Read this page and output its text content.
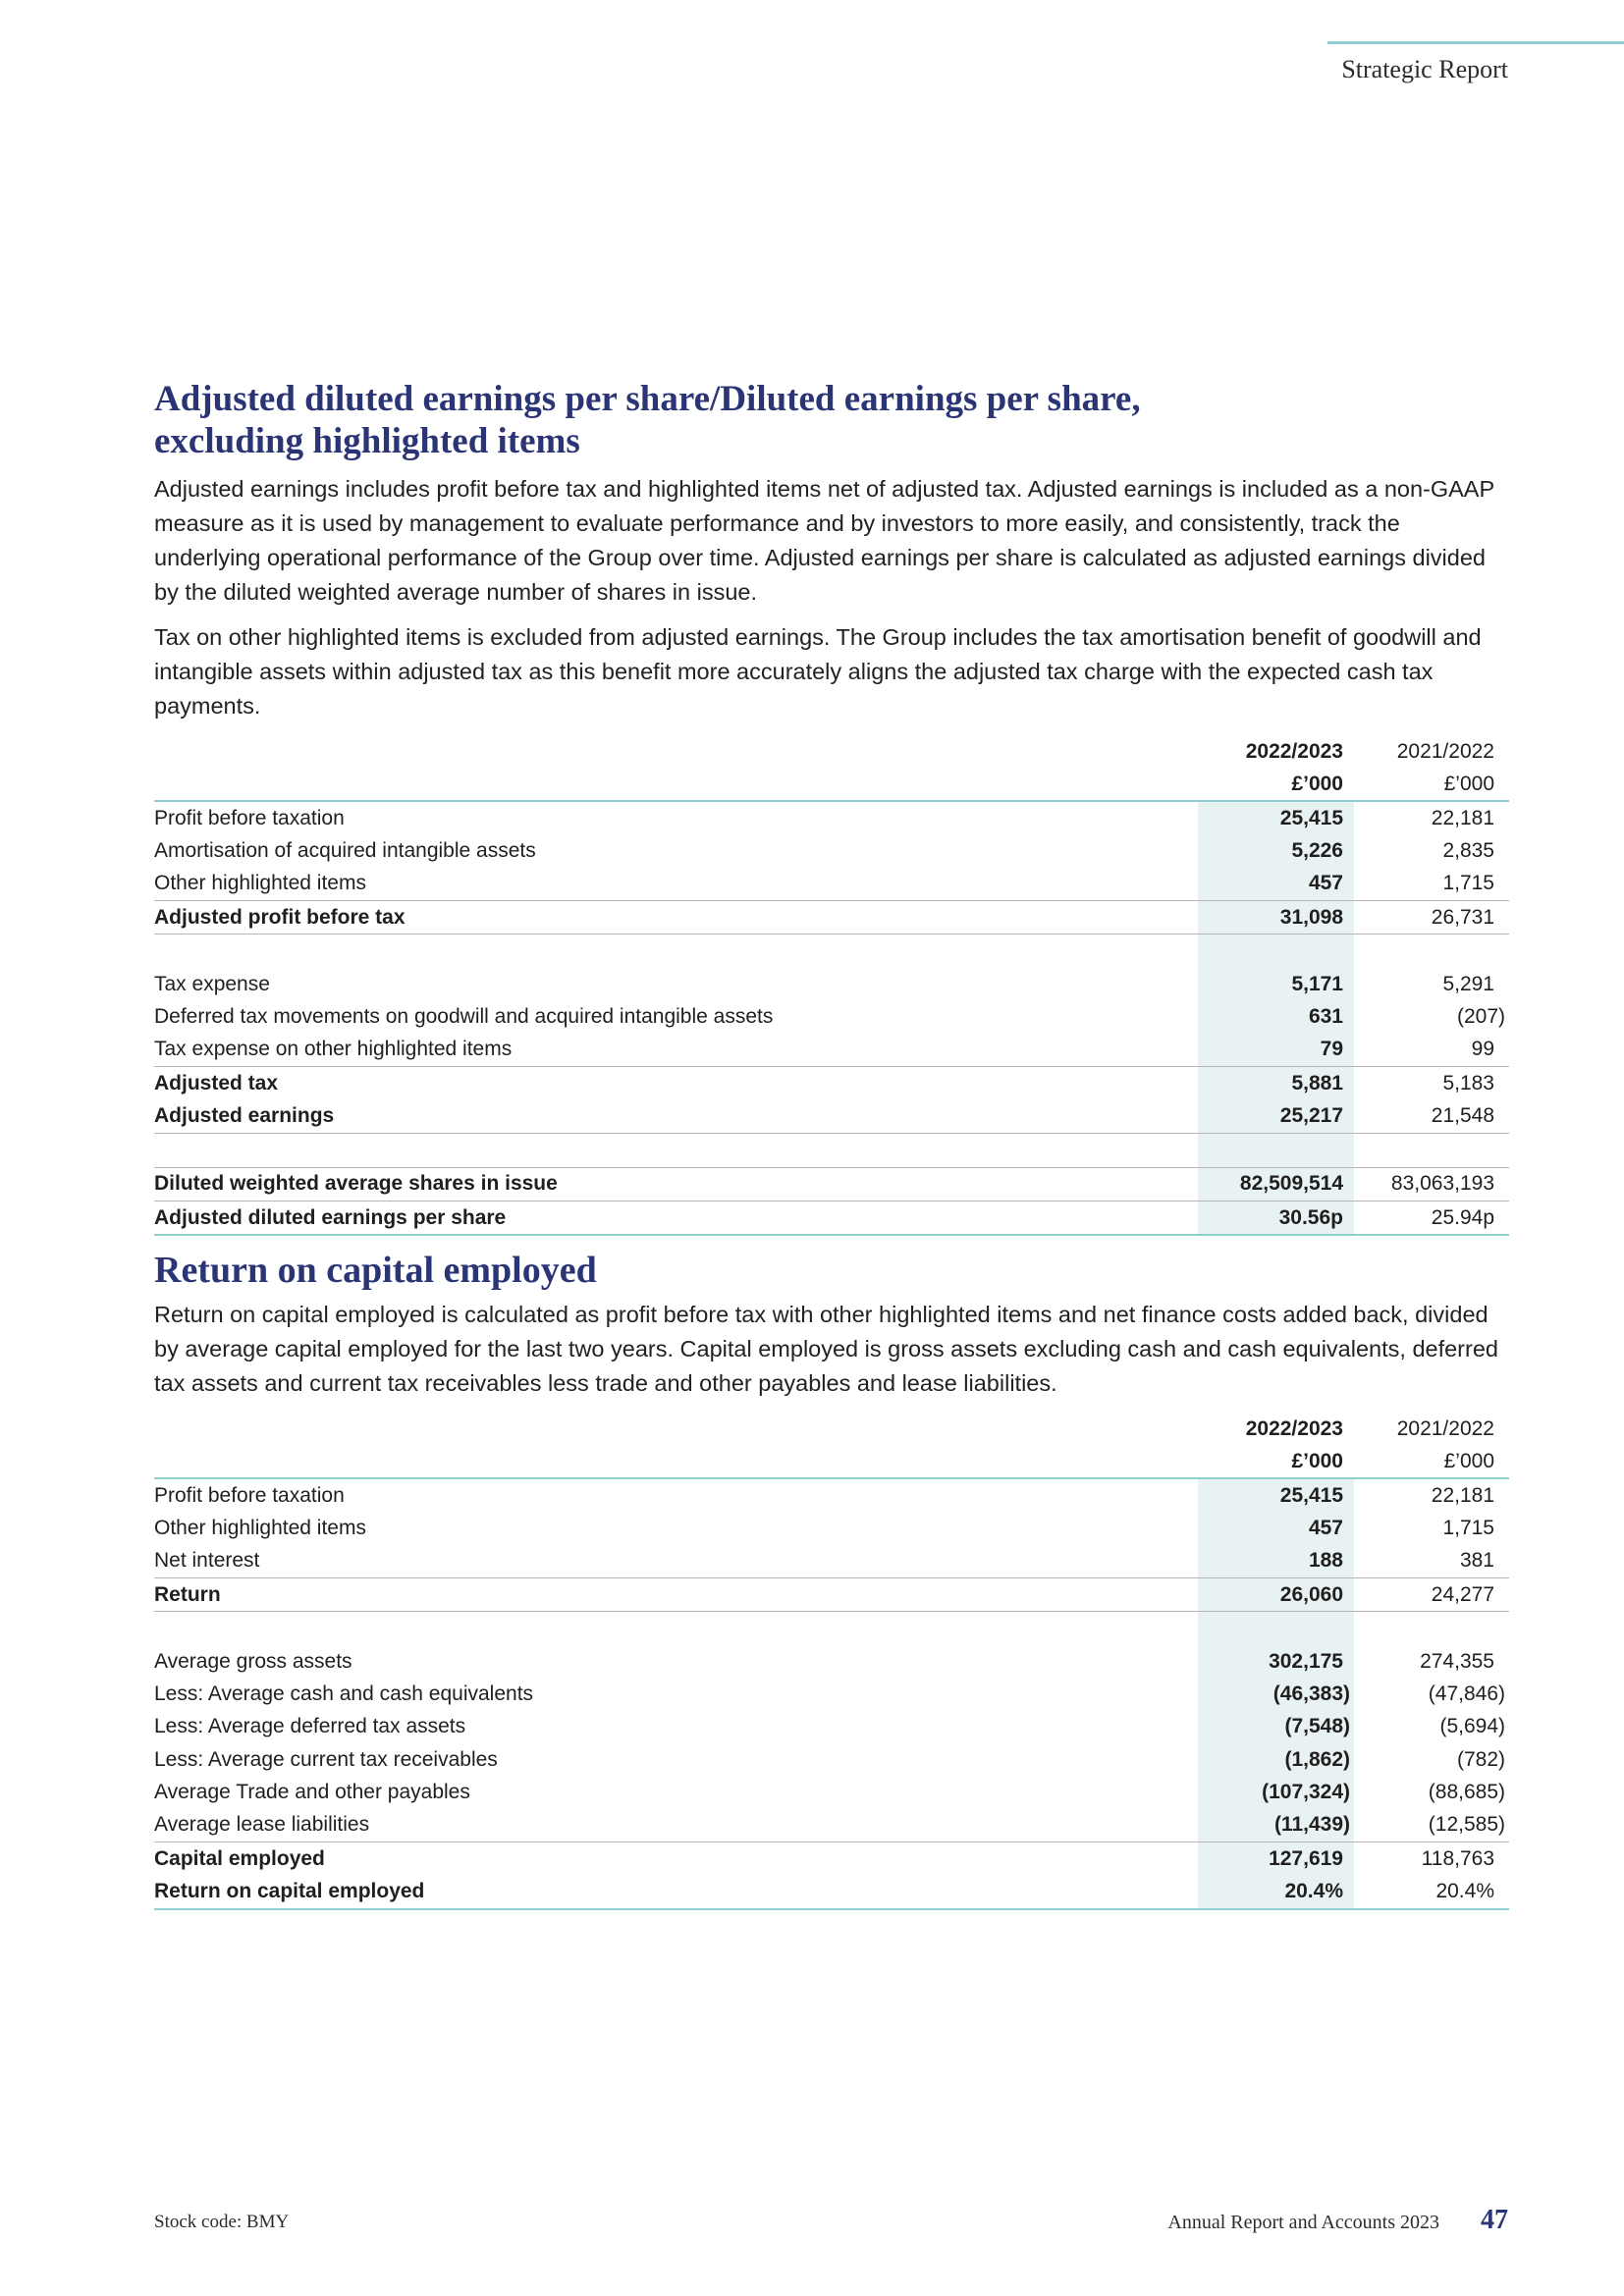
Strategic Report
Adjusted diluted earnings per share/Diluted earnings per share,
excluding highlighted items

Adjusted earnings includes profit before tax and highlighted items net of adjusted tax. Adjusted earnings is included as a non-GAAP measure as it is used by management to evaluate performance and by investors to more easily, and consistently, track the underlying operational performance of the Group over time. Adjusted earnings per share is calculated as adjusted earnings divided by the diluted weighted average number of shares in issue.

Tax on other highlighted items is excluded from adjusted earnings. The Group includes the tax amortisation benefit of goodwill and intangible assets within adjusted tax as this benefit more accurately aligns the adjusted tax charge with the expected cash tax payments.

2022/2023	2021/2022
£’000	£’000
Profit before taxation	25,415	22,181
Amortisation of acquired intangible assets	5,226	2,835
Other highlighted items	457	1,715
Adjusted profit before tax	31,098	26,731
Tax expense	5,171	5,291
Deferred tax movements on goodwill and acquired intangible assets	631	(207)
Tax expense on other highlighted items	79	99
Adjusted tax	5,881	5,183
Adjusted earnings	25,217	21,548
Diluted weighted average shares in issue	82,509,514	83,063,193
Adjusted diluted earnings per share	30.56p	25.94p
Return on capital employed

Return on capital employed is calculated as profit before tax with other highlighted items and net finance costs added back, divided by average capital employed for the last two years. Capital employed is gross assets excluding cash and cash equivalents, deferred tax assets and current tax receivables less trade and other payables and lease liabilities.

2022/2023	2021/2022
£’000	£’000
Profit before taxation	25,415	22,181
Other highlighted items	457	1,715
Net interest	188	381
Return	26,060	24,277
Average gross assets	302,175	274,355
Less: Average cash and cash equivalents	(46,383)	(47,846)
Less: Average deferred tax assets	(7,548)	(5,694)
Less: Average current tax receivables	(1,862)	(782)
Average Trade and other payables	(107,324)	(88,685)
Average lease liabilities	(11,439)	(12,585)
Capital employed	127,619	118,763
Return on capital employed	20.4%	20.4%
Stock code: BMY	Annual Report and Accounts 2023 47
